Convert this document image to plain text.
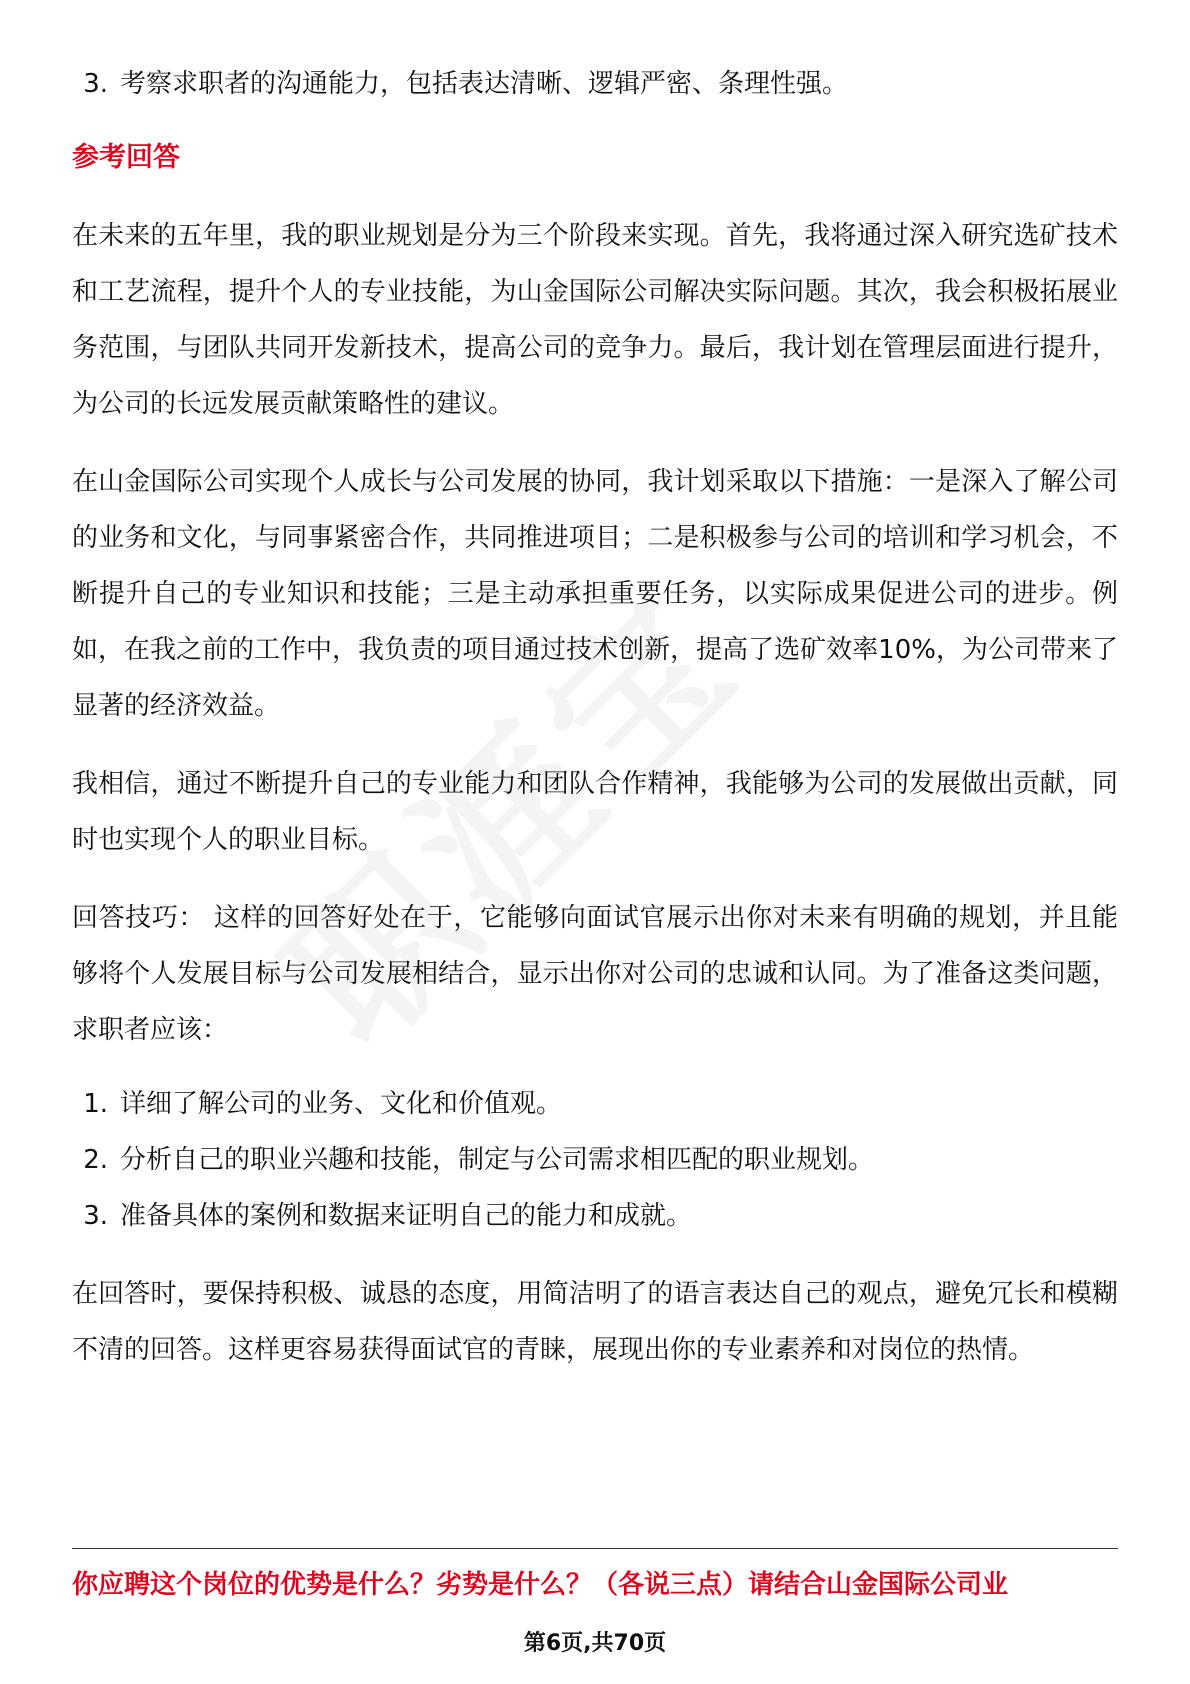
3. 考察求职者的沟通能力，包括表达清晰、逻辑严密、条理性强。
参考回答

在未来的五年里，我的职业规划是分为三个阶段来实现。首先，我将通过深入研究选矿技术和工艺流程，提升个人的专业技能，为山金国际公司解决实际问题。其次，我会积极拓展业务范围，与团队共同开发新技术，提高公司的竞争力。最后，我计划在管理层面进行提升，为公司的长远发展贡献策略性的建议。

在山金国际公司实现个人成长与公司发展的协同，我计划采取以下措施：一是深入了解公司的业务和文化，与同事紧密合作，共同推进项目；二是积极参与公司的培训和学习机会，不断提升自己的专业知识和技能；三是主动承担重要任务，以实际成果促进公司的进步。例如，在我之前的工作中，我负责的项目通过技术创新，提高了选矿效率10%，为公司带来了显著的经济效益。

我相信，通过不断提升自己的专业能力和团队合作精神，我能够为公司的发展做出贡献，同时也实现个人的职业目标。

回答技巧： 这样的回答好处在于，它能够向面试官展示出你对未来有明确的规划，并且能够将个人发展目标与公司发展相结合，显示出你对公司的忠诚和认同。为了准备这类问题，求职者应该：

1. 详细了解公司的业务、文化和价值观。
2. 分析自己的职业兴趣和技能，制定与公司需求相匹配的职业规划。
3. 准备具体的案例和数据来证明自己的能力和成就。

在回答时，要保持积极、诚恳的态度，用简洁明了的语言表达自己的观点，避免冗长和模糊不清的回答。这样更容易获得面试官的青睐，展现出你的专业素养和对岗位的热情。

你应聘这个岗位的优势是什么？劣势是什么？（各说三点）请结合山金国际公司业
第6页,共70页
